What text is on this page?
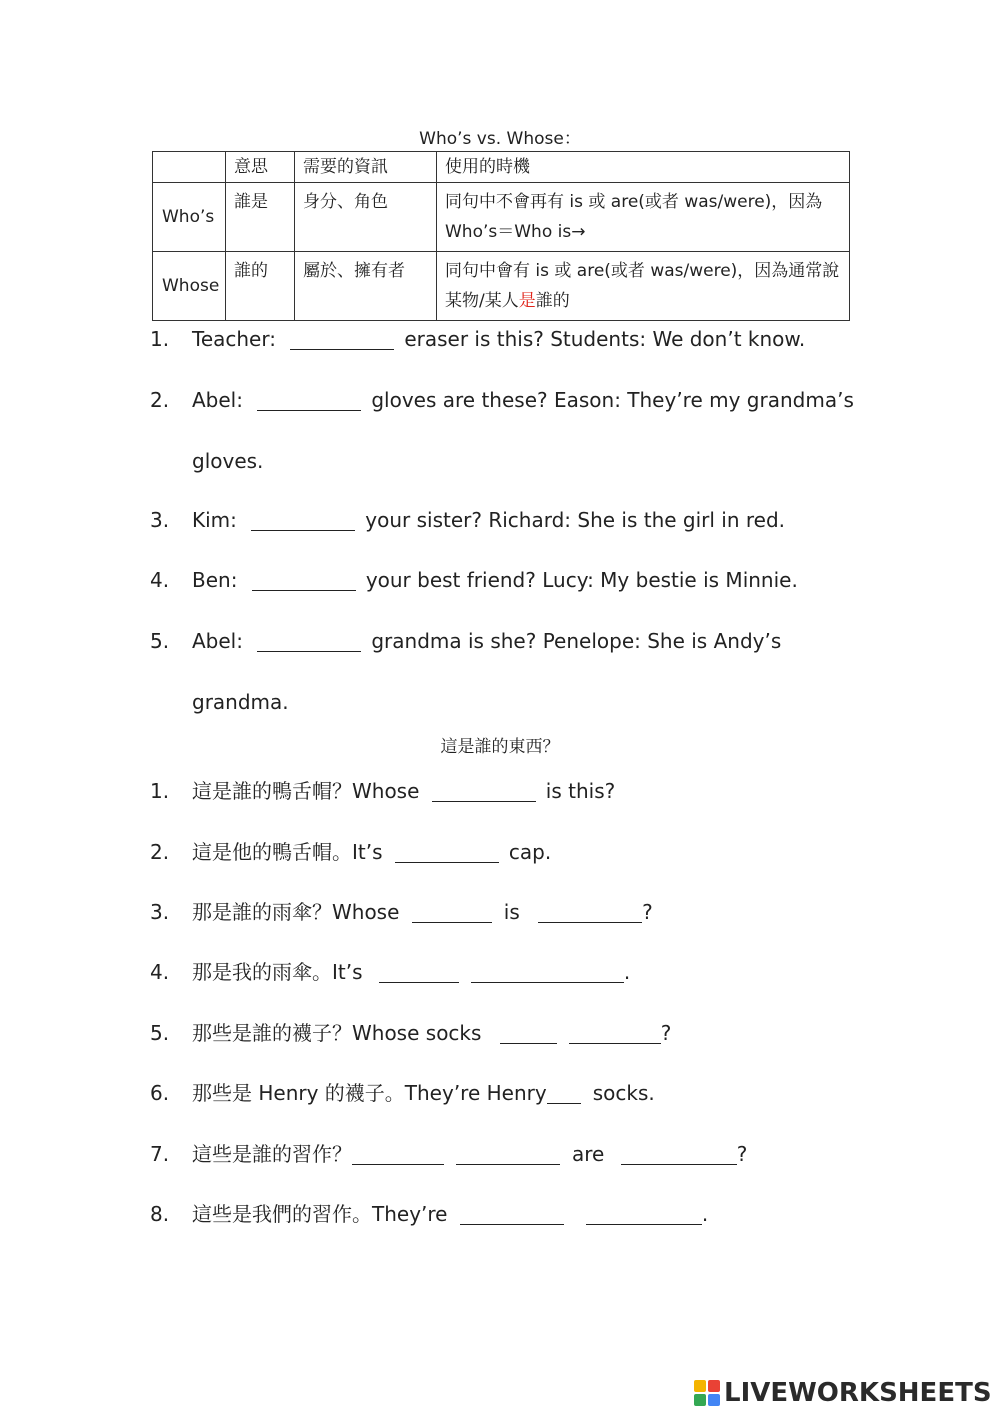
Who’s vs. Whose：
	意思	需要的資訊	使用的時機
Who’s	誰是	身分、角色	同句中不會再有 is 或 are(或者 was/were)，因為 Who’s＝Who is→
Whose	誰的	屬於、擁有者	同句中會有 is 或 are(或者 was/were)，因為通常說某物/某人是誰的
1. Teacher:	eraser is this? Students: We don’t know.
2. Abel:	gloves are these? Eason: They’re my grandma’s
gloves.
3. Kim:	your sister? Richard: She is the girl in red.
4. Ben:	your best friend? Lucy: My bestie is Minnie.
5. Abel:	grandma is she? Penelope: She is Andy’s
grandma.
這是誰的東西？
1. 這是誰的鴨舌帽？Whose	is this?
2. 這是他的鴨舌帽。It’s	cap.
3. 那是誰的雨傘？Whose	is	?
4. 那是我的雨傘。It’s	.
5. 那些是誰的襪子？Whose socks	?
6. 那些是 Henry 的襪子。They’re Henry socks.
7. 這些是誰的習作？	are	?
8. 這些是我們的習作。They’re	.
LIVEWORKSHEETS
